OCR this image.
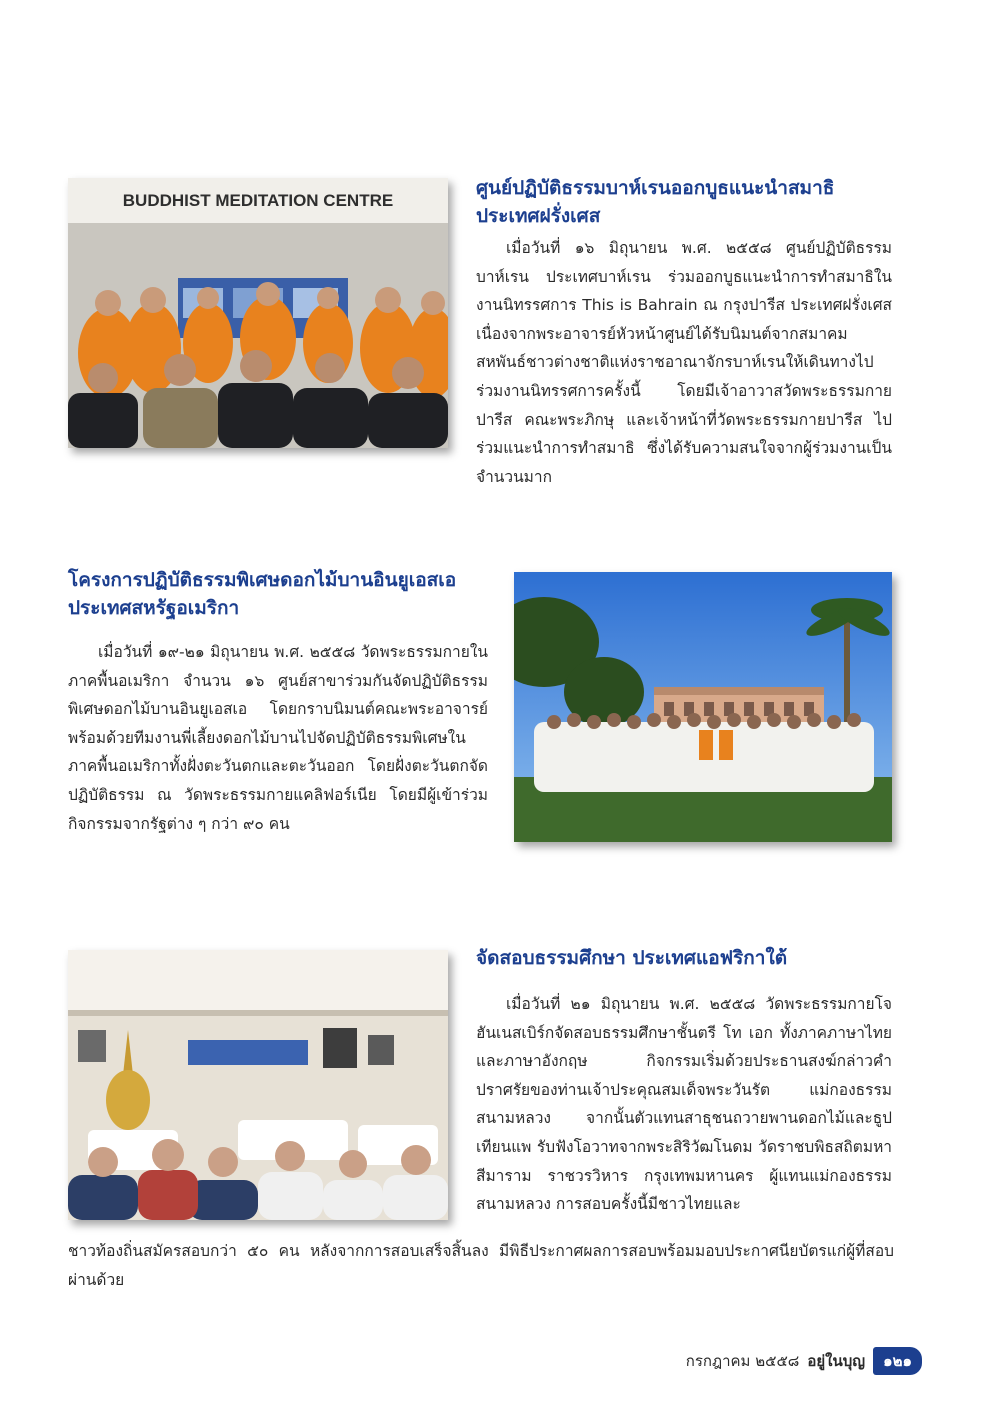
BUDDHIST MEDITATION CENTRE
ศูนย์ปฏิบัติธรรมบาห์เรนออกบูธแนะนำสมาธิ ประเทศฝรั่งเศส

เมื่อวันที่ ๑๖ มิถุนายน พ.ศ. ๒๕๕๘ ศูนย์ปฏิบัติธรรมบาห์เรน ประเทศบาห์เรน ร่วมออกบูธแนะนำการทำสมาธิในงานนิทรรศการ This is Bahrain ณ กรุงปารีส ประเทศฝรั่งเศส เนื่องจากพระอาจารย์หัวหน้าศูนย์ได้รับนิมนต์จากสมาคมสหพันธ์ชาวต่างชาติแห่งราชอาณาจักรบาห์เรนให้เดินทางไปร่วมงานนิทรรศการครั้งนี้ โดยมีเจ้าอาวาสวัดพระธรรมกายปารีส คณะพระภิกษุ และเจ้าหน้าที่วัดพระธรรมกายปารีส ไปร่วมแนะนำการทำสมาธิ ซึ่งได้รับความสนใจจากผู้ร่วมงานเป็นจำนวนมาก

โครงการปฏิบัติธรรมพิเศษดอกไม้บานอินยูเอสเอ ประเทศสหรัฐอเมริกา

เมื่อวันที่ ๑๙-๒๑ มิถุนายน พ.ศ. ๒๕๕๘ วัดพระธรรมกายในภาคพื้นอเมริกา จำนวน ๑๖ ศูนย์สาขาร่วมกันจัดปฏิบัติธรรมพิเศษดอกไม้บานอินยูเอสเอ โดยกราบนิมนต์คณะพระอาจารย์ พร้อมด้วยทีมงานพี่เลี้ยงดอกไม้บานไปจัดปฏิบัติธรรมพิเศษในภาคพื้นอเมริกาทั้งฝั่งตะวันตกและตะวันออก โดยฝั่งตะวันตกจัดปฏิบัติธรรม ณ วัดพระธรรมกายแคลิฟอร์เนีย โดยมีผู้เข้าร่วมกิจกรรมจากรัฐต่าง ๆ กว่า ๙๐ คน

จัดสอบธรรมศึกษา ประเทศแอฟริกาใต้

เมื่อวันที่ ๒๑ มิถุนายน พ.ศ. ๒๕๕๘ วัดพระธรรมกายโจฮันเนสเบิร์กจัดสอบธรรมศึกษาชั้นตรี โท เอก ทั้งภาคภาษาไทยและภาษาอังกฤษ กิจกรรมเริ่มด้วยประธานสงฆ์กล่าวคำปราศรัยของท่านเจ้าประคุณสมเด็จพระวันรัต แม่กองธรรมสนามหลวง จากนั้นตัวแทนสาธุชนถวายพานดอกไม้และธูปเทียนแพ รับฟังโอวาทจากพระสิริวัฒโนดม วัดราชบพิธสถิตมหาสีมาราม ราชวรวิหาร กรุงเทพมหานคร ผู้แทนแม่กองธรรมสนามหลวง การสอบครั้งนี้มีชาวไทยและ

ชาวท้องถิ่นสมัครสอบกว่า ๕๐ คน หลังจากการสอบเสร็จสิ้นลง มีพิธีประกาศผลการสอบพร้อมมอบประกาศนียบัตรแก่ผู้ที่สอบผ่านด้วย

กรกฎาคม ๒๕๕๘ อยู่ในบุญ	๑๒๑
